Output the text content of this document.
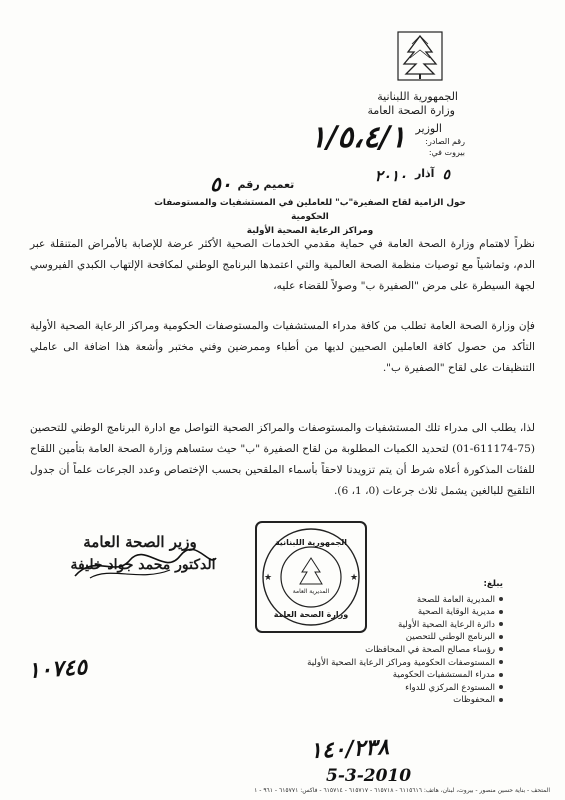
الجمهورية اللبنانية
وزارة الصحة العامة
الوزير
رقم الصادر:
١/٥،٤/١	بيروت في:
٥
آذار
٢٠١٠
تعميم رقم
٥٠
حول الزامية لقاح الصفيرة"ب" للعاملين في المستشفيات والمستوصفات الحكومية
ومراكز الرعاية الصحية الأولية
نظراً لاهتمام وزارة الصحة العامة في حماية مقدمي الخدمات الصحية الأكثر عرضة للإصابة بالأمراض المتنقلة عبر الدم، وتماشياً مع توصيات منظمة الصحة العالمية والتي اعتمدها البرنامج الوطني لمكافحة الإلتهاب الكبدي الفيروسي لجهة السيطرة على مرض "الصفيرة ب" وصولاً للقضاء عليه،
فإن وزارة الصحة العامة تطلب من كافة مدراء المستشفيات والمستوصفات الحكومية ومراكز الرعاية الصحية الأولية التأكد من حصول كافة العاملين الصحيين لديها من أطباء وممرضين وفني مختبر وأشعة هذا اضافة الى عاملي التنظيفات على لقاح "الصفيرة ب".
لذا، يطلب الى مدراء تلك المستشفيات والمستوصفات والمراكز الصحية التواصل مع ادارة البرنامج الوطني للتحصين (75-611174-01) لتحديد الكميات المطلوبة من لقاح الصفيرة "ب" حيث ستساهم وزارة الصحة العامة بتأمين اللقاح للفئات المذكورة أعلاه شرط أن يتم تزويدنا لاحقاً بأسماء الملقحين بحسب الإختصاص وعدد الجرعات علماً أن جدول التلقيح للبالغين يشمل ثلاث جرعات (0، 1، 6).
وزير الصحة العامة
الدكتور محمد جواد خليفة
★	★
الجمهورية اللبنانية
المديرية العامة
وزارة الصحة العامة
١٠٧٤٥
يبلغ:
المديرية العامة للصحة
مديرية الوقاية الصحية
دائرة الرعاية الصحية الأولية
البرنامج الوطني للتحصين
رؤساء مصالح الصحة في المحافظات
المستوصفات الحكومية ومراكز الرعاية الصحية الأولية
مدراء المستشفيات الحكومية
المستودع المركزي للدواء
المحفوظات
١٤٠/٢٣٨
5-3-2010
المتحف - بناية حسين منصور - بيروت، لبنان، هاتف: ٦١١٥٦١٦ - ٦١٥٧١٨ - ٦١٥٧١٧ - ٦١٥٧١٤ - فاكس: ٦١٥٧٧١ - ٩٦١ - ١
